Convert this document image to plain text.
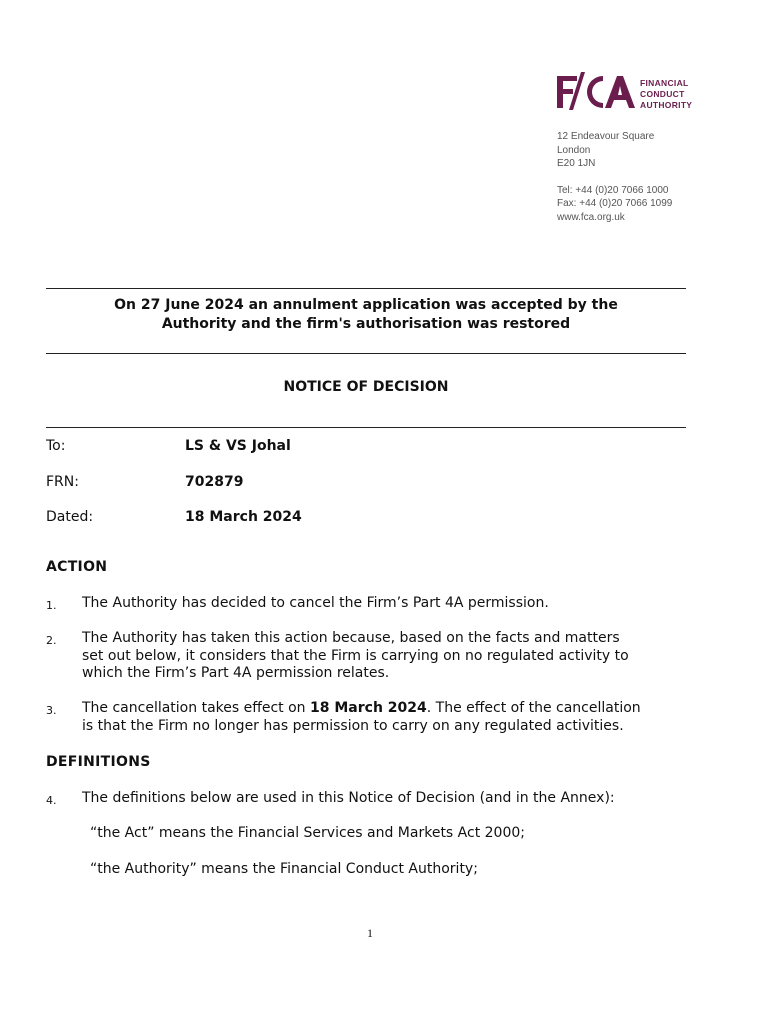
FINANCIAL
CONDUCT
AUTHORITY
12 Endeavour Square
London
E20 1JN
Tel: +44 (0)20 7066 1000
Fax: +44 (0)20 7066 1099
www.fca.org.uk
On 27 June 2024 an annulment application was accepted by the
Authority and the firm's authorisation was restored
NOTICE OF DECISION
To:	LS & VS Johal
FRN:	702879
Dated:	18 March 2024
ACTION
1. The Authority has decided to cancel the Firm’s Part 4A permission.
2. The Authority has taken this action because, based on the facts and matters
set out below, it considers that the Firm is carrying on no regulated activity to
which the Firm’s Part 4A permission relates.
3. The cancellation takes effect on 18 March 2024. The effect of the cancellation
is that the Firm no longer has permission to carry on any regulated activities.
DEFINITIONS
4. The definitions below are used in this Notice of Decision (and in the Annex):
“the Act” means the Financial Services and Markets Act 2000;
“the Authority” means the Financial Conduct Authority;
1
